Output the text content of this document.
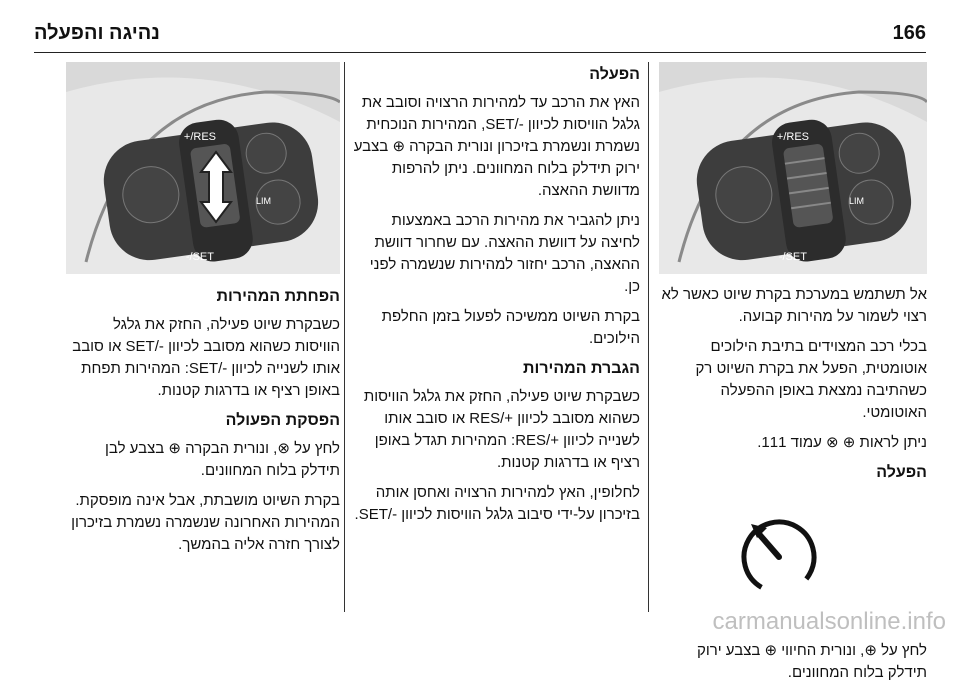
166
נהיגה והפעלה
RES/+
SET/-
LIM

אל תשתמש במערכת בקרת שיוט כאשר לא רצוי לשמור על מהירות קבועה.

בכלי רכב המצוידים בתיבת הילוכים אוטומטית, הפעל את בקרת השיוט רק כשהתיבה נמצאת באופן ההפעלה האוטומטי.

ניתן לראות ⊕ ⊗ עמוד 111.

הפעלה

לחץ על ⊕, ונורית החיווי ⊕ בצבע ירוק תידלק בלוח המחוונים.

הפעלה

האץ את הרכב עד למהירות הרצויה וסובב את גלגל הוויסות לכיוון -/SET, המהירות הנוכחית נשמרת ונשמרת בזיכרון ונורית הבקרה ⊕ בצבע ירוק תידלק בלוח המחוונים. ניתן להרפות מדוושת ההאצה.

ניתן להגביר את מהירות הרכב באמצעות לחיצה על דוושת ההאצה. עם שחרור דוושת ההאצה, הרכב יחזור למהירות שנשמרה לפני כן.

בקרת השיוט ממשיכה לפעול בזמן החלפת הילוכים.

הגברת המהירות

כשבקרת שיוט פעילה, החזק את גלגל הוויסות כשהוא מסובב לכיוון +/RES או סובב אותו לשנייה לכיוון +/RES: המהירות תגדל באופן רציף או בדרגות קטנות.

לחלופין, האץ למהירות הרצויה ואחסן אותה בזיכרון על-ידי סיבוב גלגל הוויסות לכיוון -/SET.

RES/+
SET/-
LIM
הפחתת המהירות

כשבקרת שיוט פעילה, החזק את גלגל הוויסות כשהוא מסובב לכיוון -/SET או סובב אותו לשנייה לכיוון -/SET: המהירות תפחת באופן רציף או בדרגות קטנות.

הפסקת הפעולה

לחץ על ⊗, ונורית הבקרה ⊕ בצבע לבן תידלק בלוח המחוונים.

בקרת השיוט מושבתת, אבל אינה מופסקת. המהירות האחרונה שנשמרה נשמרת בזיכרון לצורך חזרה אליה בהמשך.

carmanualsonline.info
